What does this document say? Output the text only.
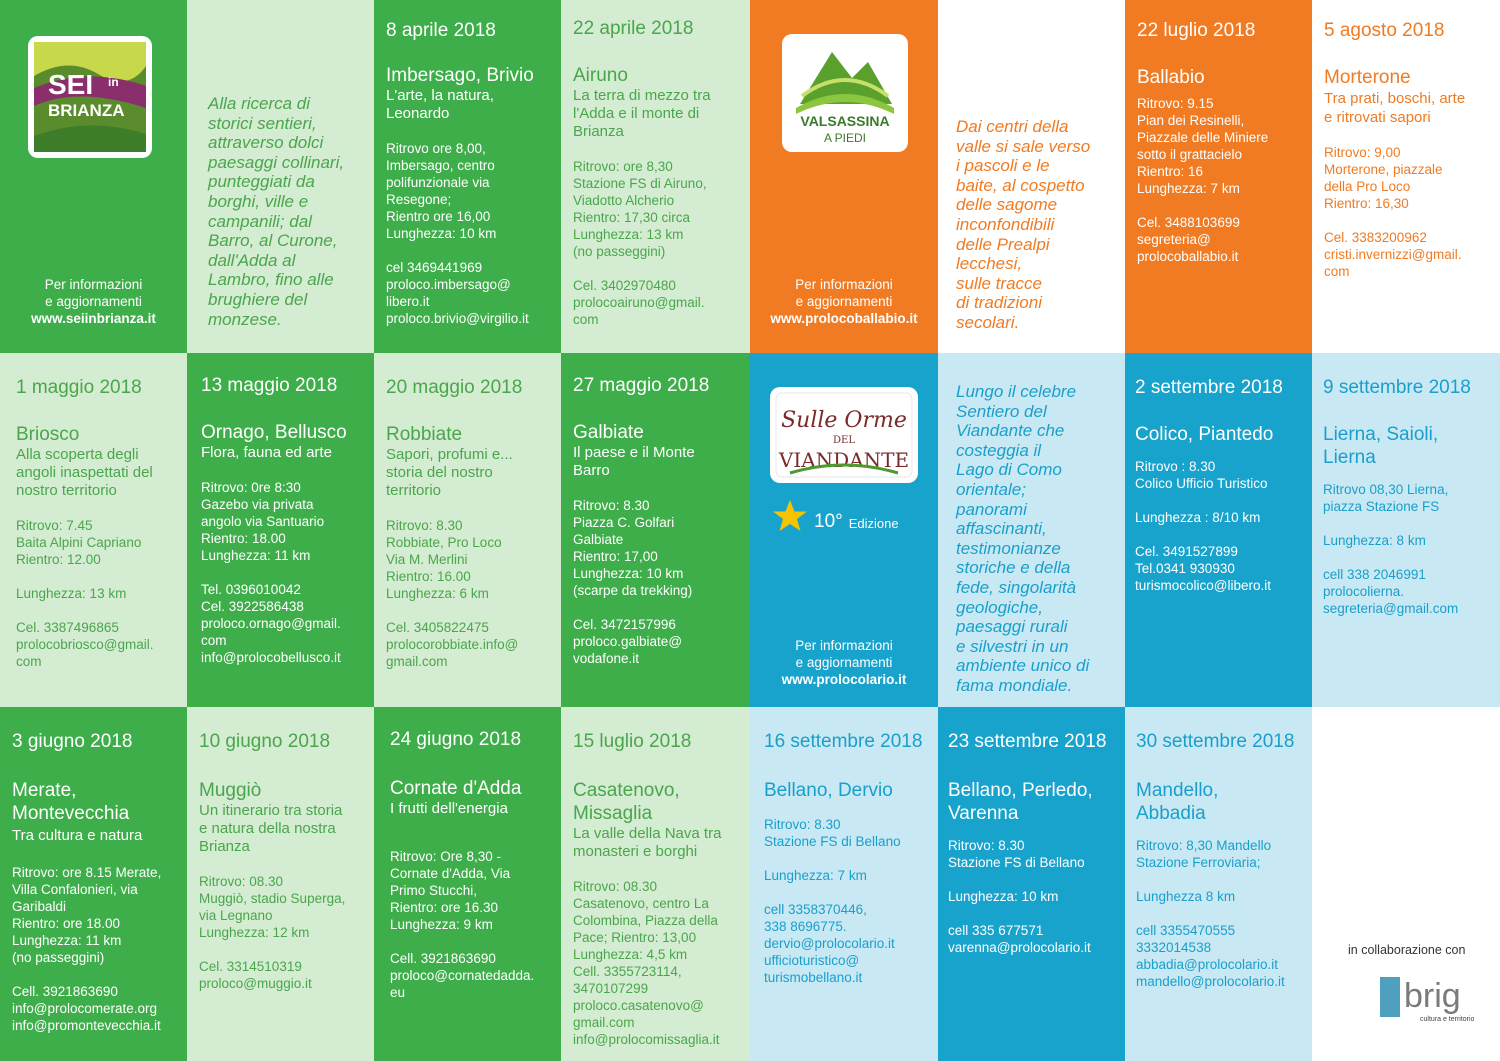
SEI in
BRIANZA
Per informazioni
e aggiornamenti
www.seiinbrianza.it
Alla ricerca di
storici sentieri,
attraverso dolci
paesaggi collinari,
punteggiati da
borghi, ville e
campanili; dal
Barro, al Curone,
dall'Adda al
Lambro, fino alle
brughiere del
monzese.
8 aprile 2018
Imbersago, Brivio
L'arte, la natura,
Leonardo
Ritrovo ore 8,00,
Imbersago, centro
polifunzionale via
Resegone;
Rientro ore 16,00
Lunghezza: 10 km
cel 3469441969
proloco.imbersago@
libero.it
proloco.brivio@virgilio.it
22 aprile 2018
Airuno
La terra di mezzo tra
l'Adda e il monte di
Brianza
Ritrovo: ore 8,30
Stazione FS di Airuno,
Viadotto Alcherio
Rientro: 17,30 circa
Lunghezza: 13 km
(no passeggini)
Cel. 3402970480
prolocoairuno@gmail.
com
VALSASSINA
A PIEDI
Per informazioni
e aggiornamenti
www.prolocoballabio.it
Dai centri della
valle si sale verso
i pascoli e le
baite, al cospetto
delle sagome
inconfondibili
delle Prealpi
lecchesi,
sulle tracce
di tradizioni
secolari.
22 luglio 2018
Ballabio
Ritrovo: 9.15
Pian dei Resinelli,
Piazzale delle Miniere
sotto il grattacielo
Rientro: 16
Lunghezza: 7 km
Cel. 3488103699
segreteria@
prolocoballabio.it
5 agosto 2018
Morterone
Tra prati, boschi, arte
e ritrovati sapori
Ritrovo: 9,00
Morterone, piazzale
della Pro Loco
Rientro: 16,30
Cel. 3383200962
cristi.invernizzi@gmail.
com
1 maggio 2018
Briosco
Alla scoperta degli
angoli inaspettati del
nostro territorio
Ritrovo: 7.45
Baita Alpini Capriano
Rientro: 12.00
Lunghezza: 13 km
Cel. 3387496865
prolocobriosco@gmail.
com
13 maggio 2018
Ornago, Bellusco
Flora, fauna ed arte
Ritrovo: 0re 8:30
Gazebo via privata
angolo via Santuario
Rientro: 18.00
Lunghezza: 11 km
Tel. 0396010042
Cel. 3922586438
proloco.ornago@gmail.
com
info@prolocobellusco.it
20 maggio 2018
Robbiate
Sapori, profumi e...
storia del nostro
territorio
Ritrovo: 8.30
Robbiate, Pro Loco
Via M. Merlini
Rientro: 16.00
Lunghezza: 6 km
Cel. 3405822475
prolocorobbiate.info@
gmail.com
27 maggio 2018
Galbiate
Il paese e il Monte
Barro
Ritrovo: 8.30
Piazza C. Golfari
Galbiate
Rientro: 17,00
Lunghezza: 10 km
(scarpe da trekking)
Cel. 3472157996
proloco.galbiate@
vodafone.it
Sulle Orme
DEL
VIANDANTE
10° Edizione
Per informazioni
e aggiornamenti
www.prolocolario.it
Lungo il celebre
Sentiero del
Viandante che
costeggia il
Lago di Como
orientale;
panorami
affascinanti,
testimonianze
storiche e della
fede, singolarità
geologiche,
paesaggi rurali
e silvestri in un
ambiente unico di
fama mondiale.
2 settembre 2018
Colico, Piantedo
Ritrovo : 8.30
Colico Ufficio Turistico
Lunghezza : 8/10 km
Cel. 3491527899
Tel.0341 930930
turismocolico@libero.it
9 settembre 2018
Lierna, Saioli,
Lierna
Ritrovo 08,30 Lierna,
piazza Stazione FS
Lunghezza: 8 km
cell 338 2046991
prolocolierna.
segreteria@gmail.com
3 giugno 2018
Merate,
Montevecchia
Tra cultura e natura
Ritrovo: ore 8.15 Merate,
Villa Confalonieri, via
Garibaldi
Rientro: ore 18.00
Lunghezza: 11 km
(no passeggini)
Cell. 3921863690
info@prolocomerate.org
info@promontevecchia.it
10 giugno 2018
Muggiò
Un itinerario tra storia
e natura della nostra
Brianza
Ritrovo: 08.30
Muggiò, stadio Superga,
via Legnano
Lunghezza: 12 km
Cel. 3314510319
proloco@muggio.it
24 giugno 2018
Cornate d'Adda
I frutti dell'energia
Ritrovo: Ore 8,30 -
Cornate d'Adda, Via
Primo Stucchi,
Rientro: ore 16.30
Lunghezza: 9 km
Cell. 3921863690
proloco@cornatedadda.
eu
15 luglio 2018
Casatenovo,
Missaglia
La valle della Nava tra
monasteri e borghi
Ritrovo: 08.30
Casatenovo, centro La
Colombina, Piazza della
Pace; Rientro: 13,00
Lunghezza: 4,5 km
Cell. 3355723114,
3470107299
proloco.casatenovo@
gmail.com
info@prolocomissaglia.it
16 settembre 2018
Bellano, Dervio
Ritrovo: 8.30
Stazione FS di Bellano
Lunghezza: 7 km
cell 3358370446,
338 8696775.
dervio@prolocolario.it
ufficioturistico@
turismobellano.it
23 settembre 2018
Bellano, Perledo,
Varenna
Ritrovo: 8.30
Stazione FS di Bellano
Lunghezza: 10 km
cell 335 677571
varenna@prolocolario.it
30 settembre 2018
Mandello,
Abbadia
Ritrovo: 8,30 Mandello
Stazione Ferroviaria;
Lunghezza 8 km
cell 3355470555
3332014538
abbadia@prolocolario.it
mandello@prolocolario.it
in collaborazione con
brig
cultura e territorio
